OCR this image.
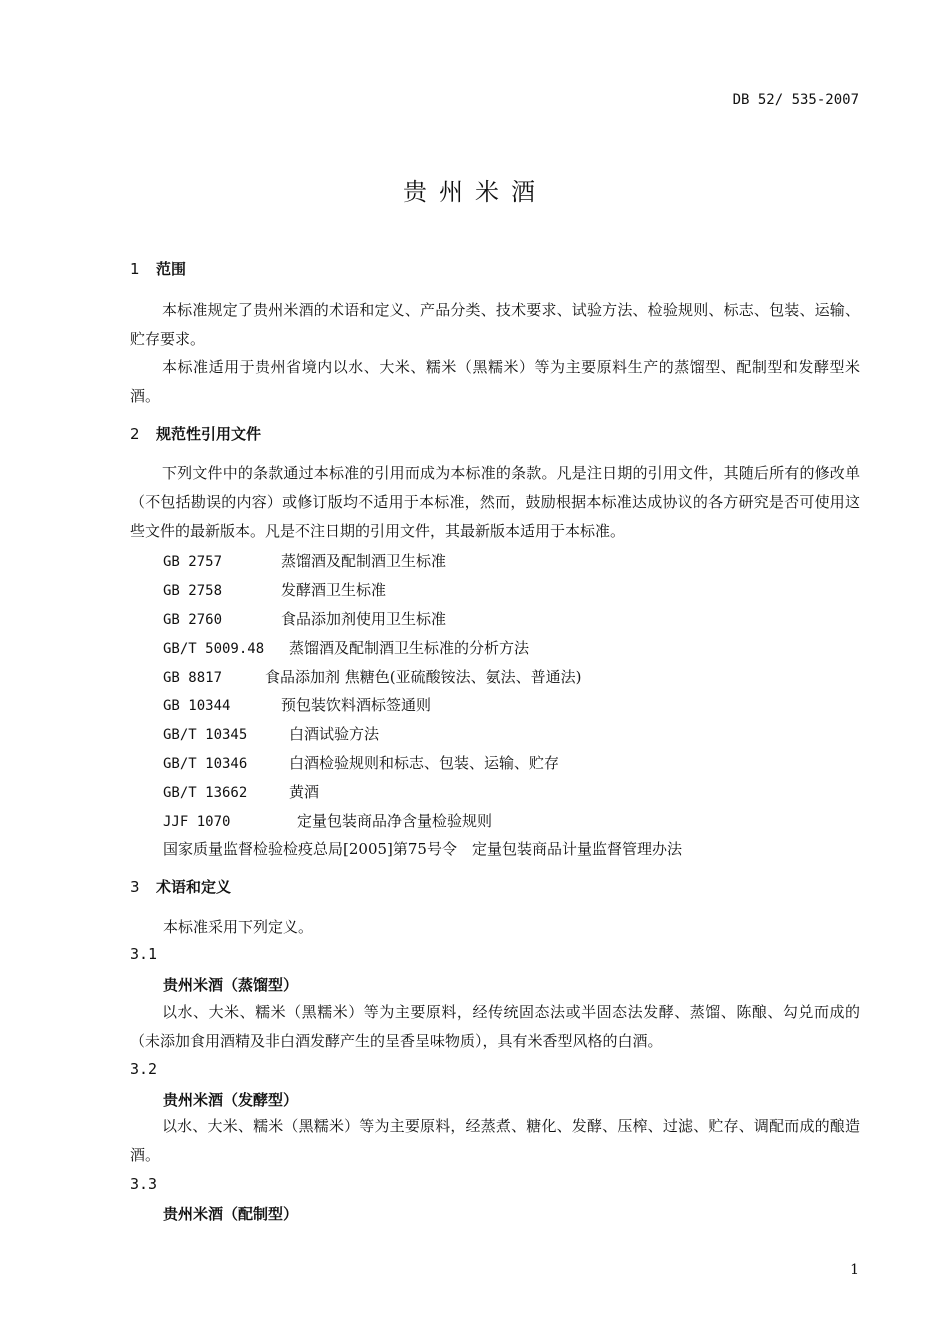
DB 52/ 535-2007
贵州米酒
1 范围
本标准规定了贵州米酒的术语和定义、产品分类、技术要求、试验方法、检验规则、标志、包装、运输、贮存要求。
本标准适用于贵州省境内以水、大米、糯米（黑糯米）等为主要原料生产的蒸馏型、配制型和发酵型米酒。
2 规范性引用文件
下列文件中的条款通过本标准的引用而成为本标准的条款。凡是注日期的引用文件，其随后所有的修改单（不包括勘误的内容）或修订版均不适用于本标准，然而，鼓励根据本标准达成协议的各方研究是否可使用这些文件的最新版本。凡是不注日期的引用文件，其最新版本适用于本标准。
GB 2757	蒸馏酒及配制酒卫生标准
GB 2758	发酵酒卫生标准
GB 2760	食品添加剂使用卫生标准
GB/T 5009.48 蒸馏酒及配制酒卫生标准的分析方法
GB 8817	食品添加剂 焦糖色(亚硫酸铵法、氨法、普通法)
GB 10344	预包装饮料酒标签通则
GB/T 10345	白酒试验方法
GB/T 10346	白酒检验规则和标志、包装、运输、贮存
GB/T 13662	黄酒
JJF 1070	定量包装商品净含量检验规则
国家质量监督检验检疫总局[2005]第75号令　定量包装商品计量监督管理办法
3 术语和定义
本标准采用下列定义。
3.1
贵州米酒（蒸馏型）
以水、大米、糯米（黑糯米）等为主要原料，经传统固态法或半固态法发酵、蒸馏、陈酿、勾兑而成的（未添加食用酒精及非白酒发酵产生的呈香呈味物质），具有米香型风格的白酒。
3.2
贵州米酒（发酵型）
以水、大米、糯米（黑糯米）等为主要原料，经蒸煮、糖化、发酵、压榨、过滤、贮存、调配而成的酿造酒。
3.3
贵州米酒（配制型）
1
